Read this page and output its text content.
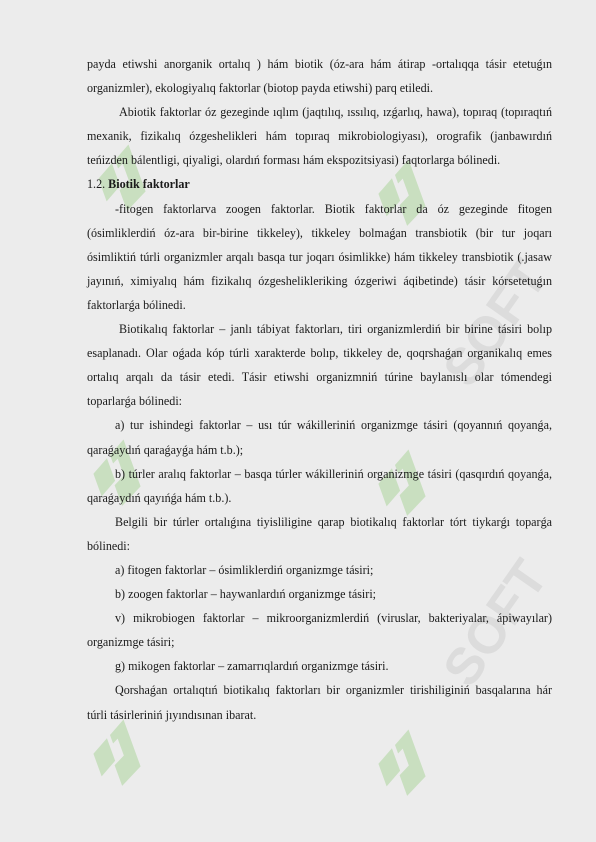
SOFT
SOFT

payda etiwshi anorganik ortalıq ) hám biotik (óz-ara hám átirap -ortalıqqa tásir etetuǵın organizmler), ekologiyalıq faktorlar (biotop payda etiwshi) parq etiledi.

Abiotik faktorlar óz gezeginde ıqlım (jaqtılıq, ıssılıq, ızǵarlıq, hawa), topıraq (topıraqtıń mexanik, fizikalıq ózgeshelikleri hám topıraq mikrobiologiyası), orografik (janbawırdıń teńizden bálentligi, qiyaligi, olardıń forması hám ekspozitsiyasi) faqtorlarga bólinedi.

1.2. Biotik faktorlar

-fitogen faktorlarva zoogen faktorlar. Biotik faktorlar da óz gezeginde fitogen (ósimliklerdiń óz-ara bir-birine tikkeley), tikkeley bolmaǵan transbiotik (bir tur joqarı ósimliktiń túrli organizmler arqalı basqa tur joqarı ósimlikke) hám tikkeley transbiotik (.jasaw jayınıń, ximiyalıq hám fizikalıq ózgesheliklеriking ózgeriwi áqibetinde) tásir kórsetetuǵın faktorlarǵa bólinedi.

Biotikalıq faktorlar – janlı tábiyat faktorları, tiri organizmlerdiń bir birine tásiri bolıp esaplanadı. Olar oǵada kóp túrli xarakterde bolıp, tikkeley de, qoqrshaǵan organikalıq emes ortalıq arqalı da tásir etedi. Tásir etiwshi organizmniń túrine baylanıslı olar tómendegi toparlarǵa bólinedi:

a) tur ishindegi faktorlar – usı túr wákilleriniń organizmge tásiri (qoyannıń qoyanǵa, qaraǵaydıń qaraǵayǵa hám t.b.);

b) túrler aralıq faktorlar – basqa túrler wákilleriniń organizmge tásiri (qasqırdıń qoyanǵa, qaraǵaydıń qayıńǵa hám t.b.).

Belgili bir túrler ortalıǵına tiyisliligine qarap biotikalıq faktorlar tórt tiykarǵı toparǵa bólinedi:

a) fitogen faktorlar – ósimliklerdiń organizmge tásiri;

b) zoogen faktorlar – haywanlardıń organizmge tásiri;

v) mikrobiogen faktorlar – mikroorganizmlerdiń (viruslar, bakteriyalar, ápiwayılar) organizmge tásiri;

g) mikogen faktorlar – zamarrıqlardıń organizmge tásiri.

Qorshaǵan ortalıqtıń biotikalıq faktorları bir organizmler tirishiliginiń basqalarına hár túrli tásirleriniń jıyındısınan ibarat.
